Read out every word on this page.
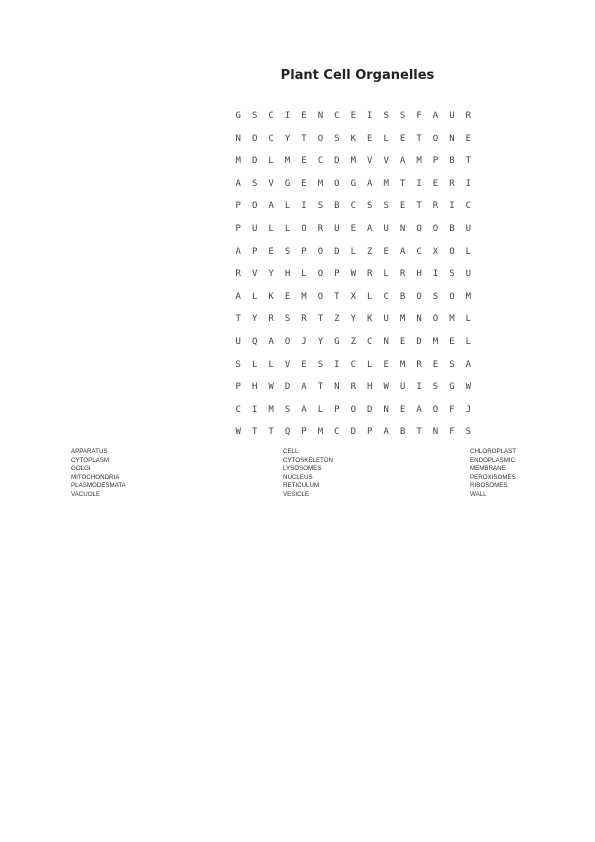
Plant Cell Organelles
G	S	C	I	E	N	C	E	I	S	S	F	A	U	R
N	O	C	Y	T	O	S	K	E	L	E	T	O	N	E
M	D	L	M	E	C	D	M	V	V	A	M	P	B	T
A	S	V	G	E	M	O	G	A	M	T	I	E	R	I
P	O	A	L	I	S	B	C	S	S	E	T	R	I	C
P	U	L	L	O	R	U	E	A	U	N	O	O	B	U
A	P	E	S	P	O	D	L	Z	E	A	C	X	O	L
R	V	Y	H	L	O	P	W	R	L	R	H	I	S	U
A	L	K	E	M	O	T	X	L	C	B	O	S	O	M
T	Y	R	S	R	T	Z	Y	K	U	M	N	O	M	L
U	Q	A	O	J	Y	G	Z	C	N	E	D	M	E	L
S	L	L	V	E	S	I	C	L	E	M	R	E	S	A
P	H	W	D	A	T	N	R	H	W	U	I	S	G	W
C	I	M	S	A	L	P	O	D	N	E	A	O	F	J
W	T	T	Q	P	M	C	D	P	A	B	T	N	F	S
APPARATUS
CYTOPLASM
GOLGI
MITOCHONDRIA
PLASMODESMATA
VACUOLE
CELL
CYTOSKELETON
LYSOSOMES
NUCLEUS
RETICULUM
VESICLE
CHLOROPLAST
ENDOPLASMIC
MEMBRANE
PEROXISOMES
RIBOSOMES
WALL
